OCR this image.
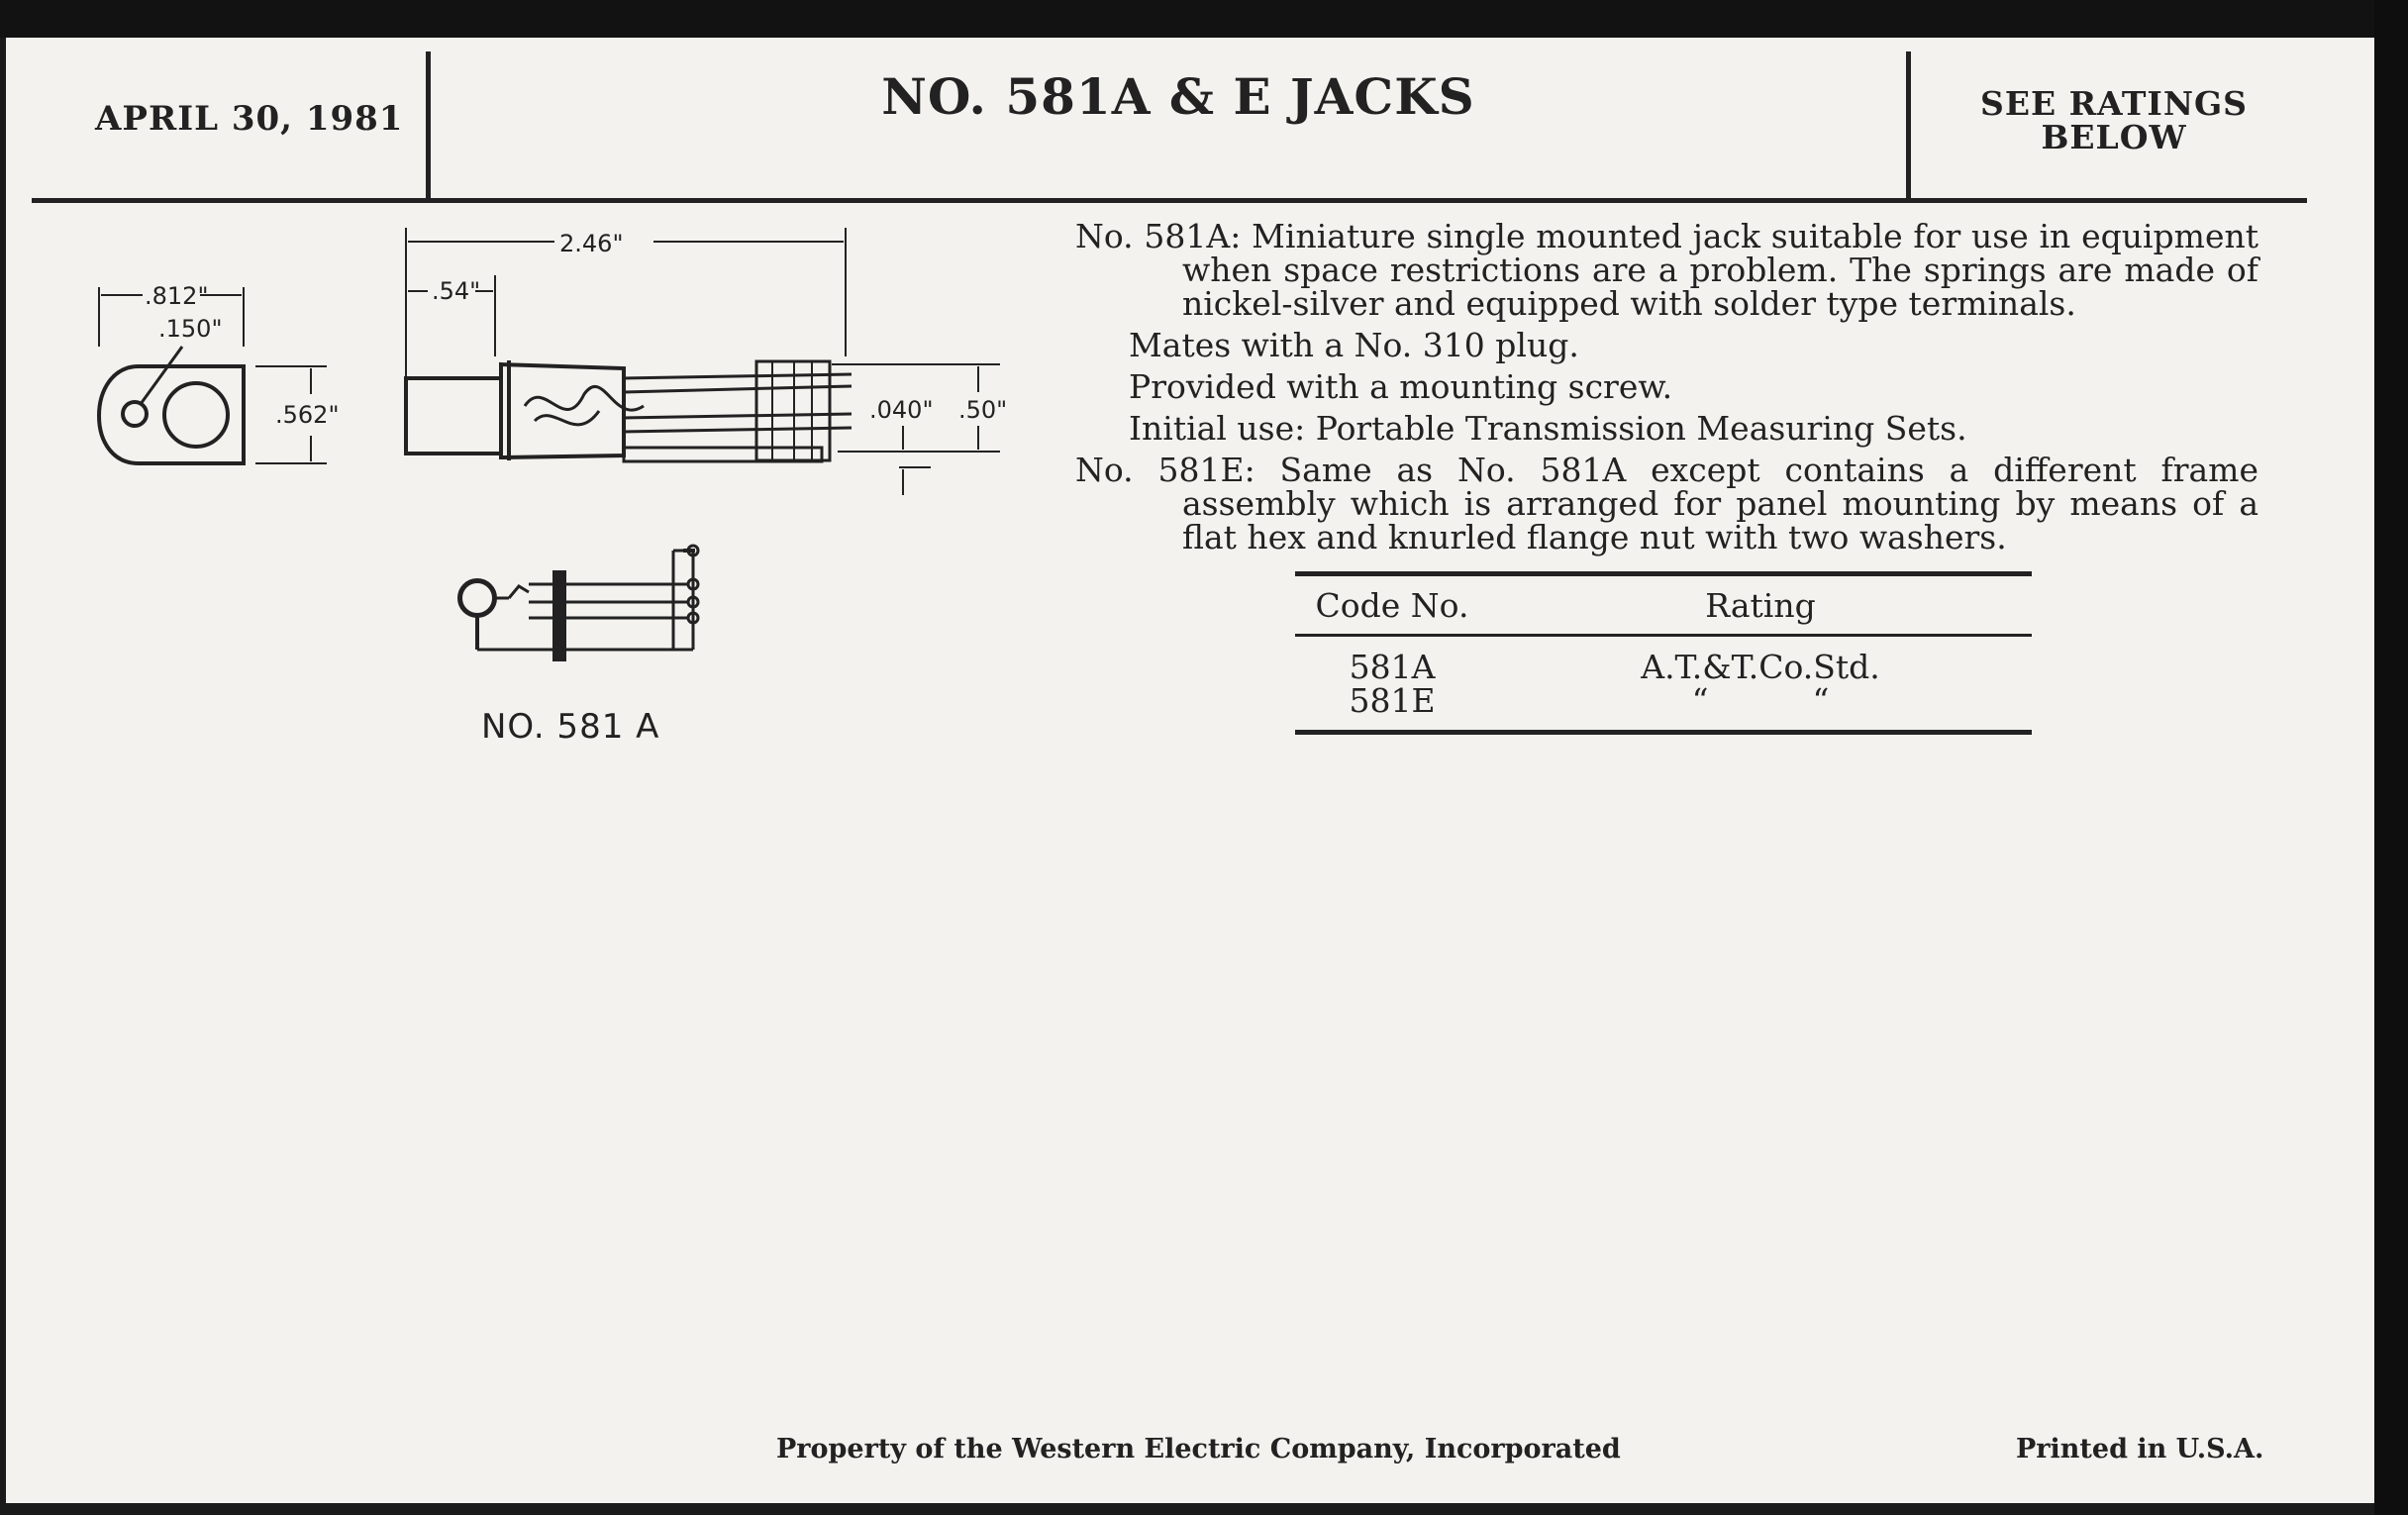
APRIL 30, 1981	NO. 581A & E JACKS	SEE RATINGS
BELOW
.812"
.150"
.562"
2.46"
.54"
.040" .50"
NO. 581 A

No. 581A: Miniature single mounted jack suitable for use in equipment when space restrictions are a problem. The springs are made of nickel-silver and equipped with solder type terminals.

Mates with a No. 310 plug.

Provided with a mounting screw.

Initial use: Portable Transmission Measuring Sets.

No. 581E: Same as No. 581A except contains a different frame assembly which is arranged for panel mounting by means of a flat hex and knurled flange nut with two washers.

Code No.	Rating
581A	A.T.&T.Co.Std.
581E	“          “
Property of the Western Electric Company, Incorporated	Printed in U.S.A.
